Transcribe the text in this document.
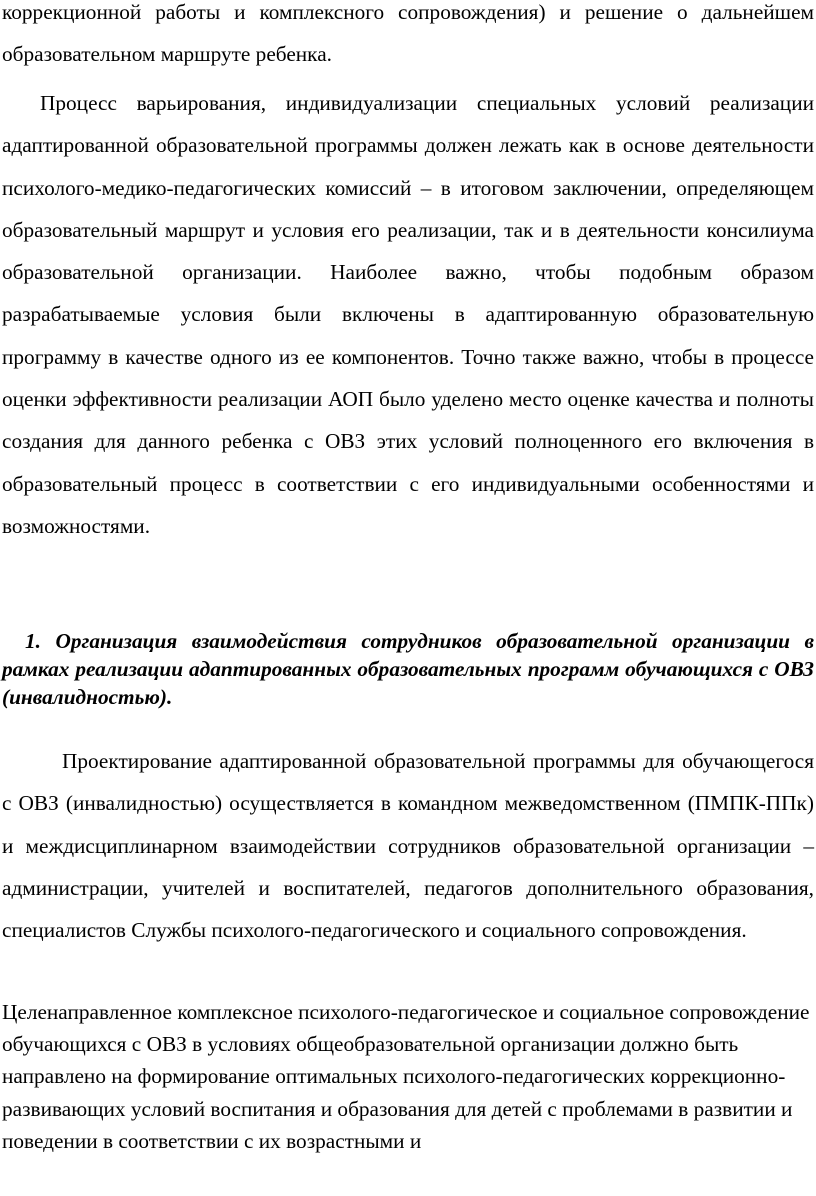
коррекционной работы и комплексного сопровождения) и решение о дальнейшем образовательном маршруте ребенка.

Процесс варьирования, индивидуализации специальных условий реализации адаптированной образовательной программы должен лежать как в основе деятельности психолого-медико-педагогических комиссий – в итоговом заключении, определяющем образовательный маршрут и условия его реализации, так и в деятельности консилиума образовательной организации. Наиболее важно, чтобы подобным образом разрабатываемые условия были включены в адаптированную образовательную программу в качестве одного из ее компонентов. Точно также важно, чтобы в процессе оценки эффективности реализации АОП было уделено место оценке качества и полноты создания для данного ребенка с ОВЗ этих условий полноценного его включения в образовательный процесс в соответствии с его индивидуальными особенностями и возможностями.

1. Организация взаимодействия сотрудников образовательной организации в рамках реализации адаптированных образовательных программ обучающихся с ОВЗ (инвалидностью).

Проектирование адаптированной образовательной программы для обучающегося с ОВЗ (инвалидностью) осуществляется в командном межведомственном (ПМПК-ППк) и междисциплинарном взаимодействии сотрудников образовательной организации – администрации, учителей и воспитателей, педагогов дополнительного образования, специалистов Службы психолого-педагогического и социального сопровождения.

Целенаправленное комплексное психолого-педагогическое и социальное сопровождение обучающихся с ОВЗ в условиях общеобразовательной организации должно быть направлено на формирование оптимальных психолого-педагогических коррекционно-развивающих условий воспитания и образования для детей с проблемами в развитии и поведении в соответствии с их возрастными и
